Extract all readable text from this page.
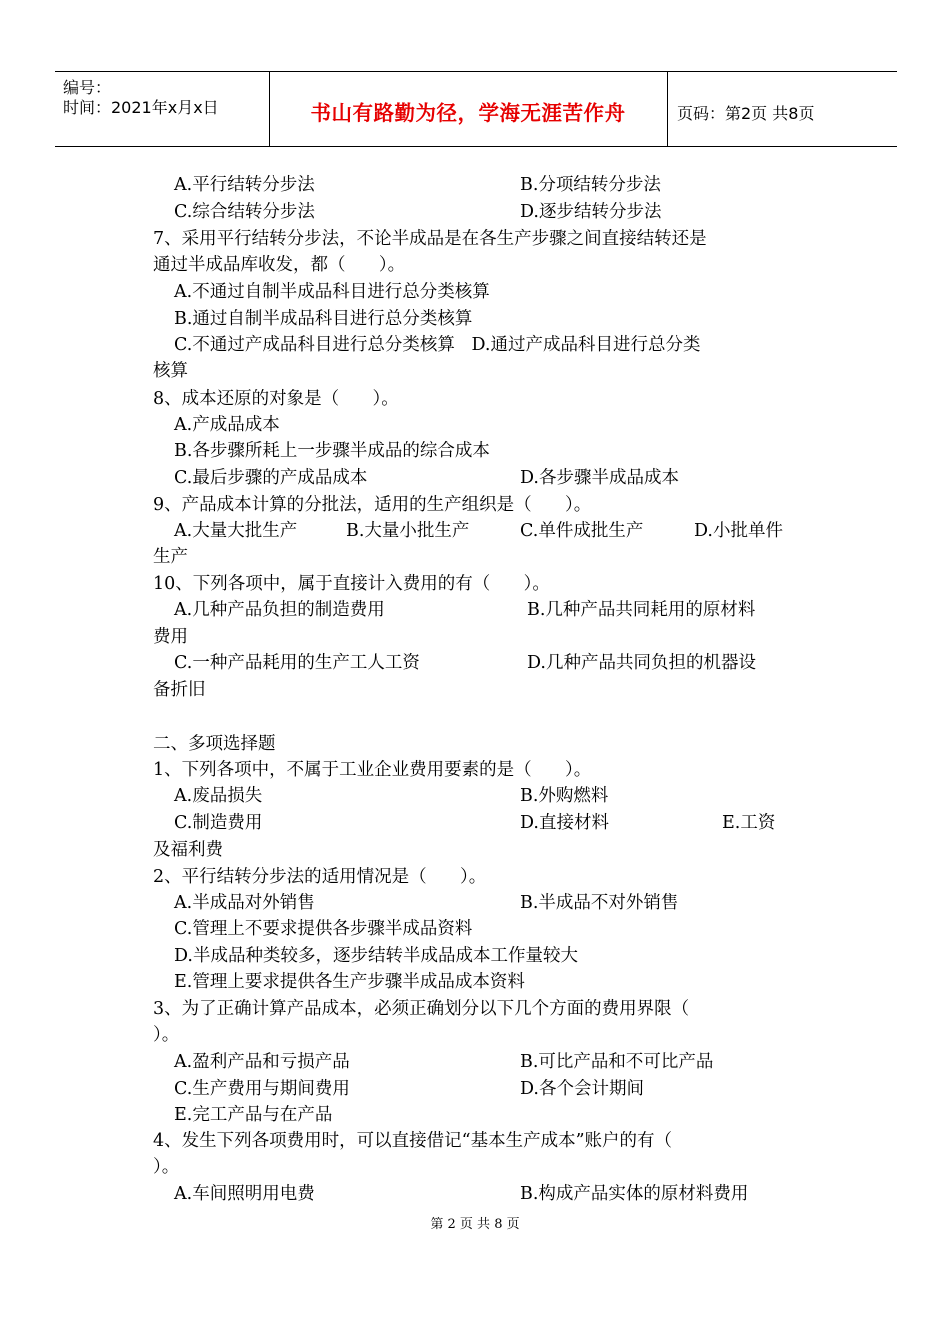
编号：
时间：2021年x月x日	书山有路勤为径，学海无涯苦作舟	页码：第2页 共8页
A.平行结转分步法	B.分项结转分步法
C.综合结转分步法	D.逐步结转分步法
7、采用平行结转分步法，不论半成品是在各生产步骤之间直接结转还是
通过半成品库收发，都（      ）。
A.不通过自制半成品科目进行总分类核算
B.通过自制半成品科目进行总分类核算
C.不通过产成品科目进行总分类核算   D.通过产成品科目进行总分类
核算
8、成本还原的对象是（      ）。
A.产成品成本
B.各步骤所耗上一步骤半成品的综合成本
C.最后步骤的产成品成本	D.各步骤半成品成本
9、产品成本计算的分批法，适用的生产组织是（      ）。
A.大量大批生产	B.大量小批生产	C.单件成批生产	D.小批单件
生产
10、下列各项中，属于直接计入费用的有（      ）。
A.几种产品负担的制造费用	B.几种产品共同耗用的原材料
费用
C.一种产品耗用的生产工人工资	D.几种产品共同负担的机器设
备折旧
二、多项选择题
1、下列各项中，不属于工业企业费用要素的是（      ）。
A.废品损失	B.外购燃料
C.制造费用	D.直接材料	E.工资
及福利费
2、平行结转分步法的适用情况是（      ）。
A.半成品对外销售	B.半成品不对外销售
C.管理上不要求提供各步骤半成品资料
D.半成品种类较多，逐步结转半成品成本工作量较大
E.管理上要求提供各生产步骤半成品成本资料
3、为了正确计算产品成本，必须正确划分以下几个方面的费用界限（
）。
A.盈利产品和亏损产品	B.可比产品和不可比产品
C.生产费用与期间费用	D.各个会计期间
E.完工产品与在产品
4、发生下列各项费用时，可以直接借记“基本生产成本”账户的有（
）。
A.车间照明用电费	B.构成产品实体的原材料费用
第 2 页 共 8 页
